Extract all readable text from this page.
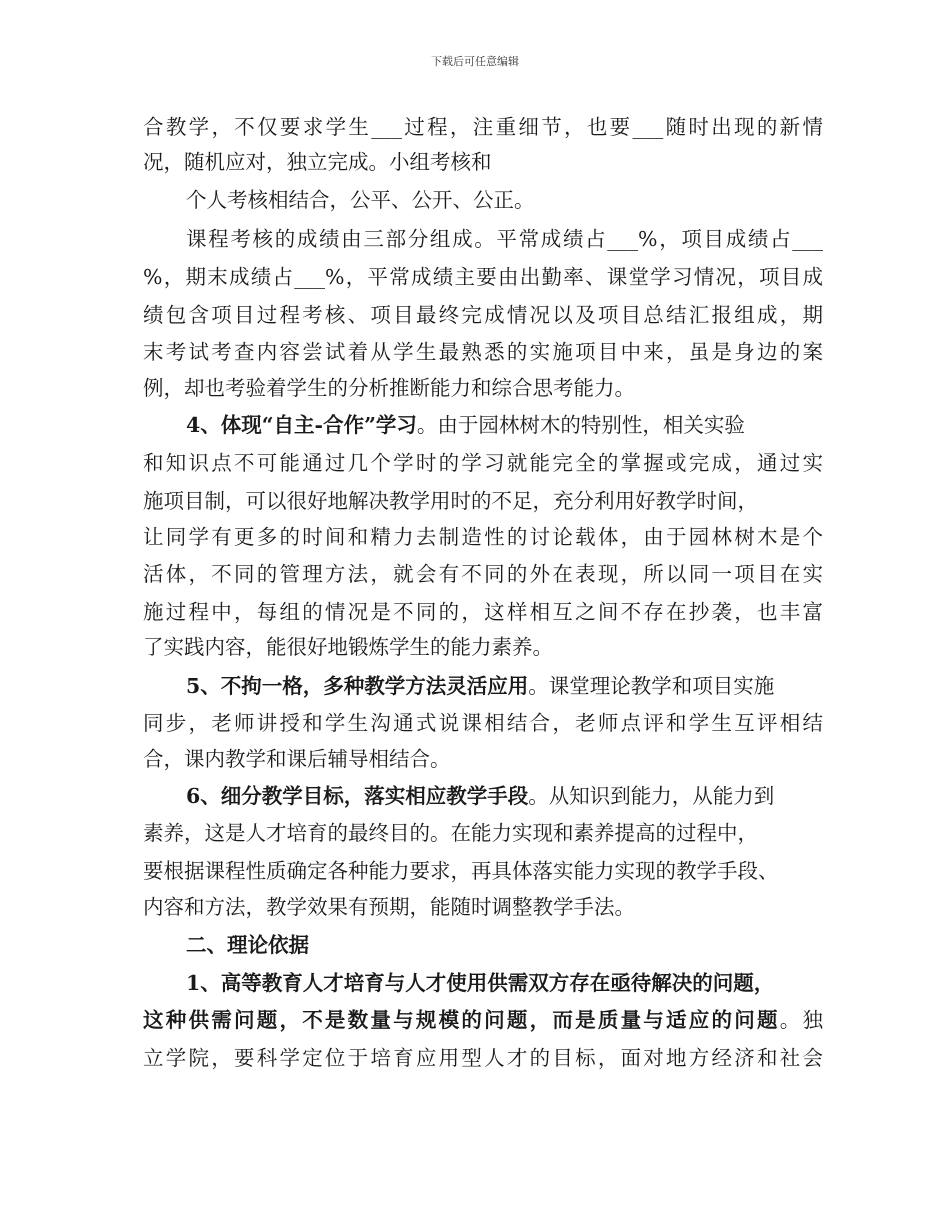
下载后可任意编辑
合教学，不仅要求学生___过程，注重细节，也要___随时出现的新情
况，随机应对，独立完成。小组考核和
个人考核相结合，公平、公开、公正。
课程考核的成绩由三部分组成。平常成绩占___%，项目成绩占___
%，期末成绩占___%，平常成绩主要由出勤率、课堂学习情况，项目成
绩包含项目过程考核、项目最终完成情况以及项目总结汇报组成，期
末考试考查内容尝试着从学生最熟悉的实施项目中来，虽是身边的案
例，却也考验着学生的分析推断能力和综合思考能力。
4、体现“自主-合作”学习。由于园林树木的特别性，相关实验
和知识点不可能通过几个学时的学习就能完全的掌握或完成，通过实
施项目制，可以很好地解决教学用时的不足，充分利用好教学时间，
让同学有更多的时间和精力去制造性的讨论载体，由于园林树木是个
活体，不同的管理方法，就会有不同的外在表现，所以同一项目在实
施过程中，每组的情况是不同的，这样相互之间不存在抄袭，也丰富
了实践内容，能很好地锻炼学生的能力素养。
5、不拘一格，多种教学方法灵活应用。课堂理论教学和项目实施
同步，老师讲授和学生沟通式说课相结合，老师点评和学生互评相结
合，课内教学和课后辅导相结合。
6、细分教学目标，落实相应教学手段。从知识到能力，从能力到
素养，这是人才培育的最终目的。在能力实现和素养提高的过程中，
要根据课程性质确定各种能力要求，再具体落实能力实现的教学手段、
内容和方法，教学效果有预期，能随时调整教学手法。
二、理论依据
1、高等教育人才培育与人才使用供需双方存在亟待解决的问题，
这种供需问题，不是数量与规模的问题，而是质量与适应的问题。独
立学院，要科学定位于培育应用型人才的目标，面对地方经济和社会
